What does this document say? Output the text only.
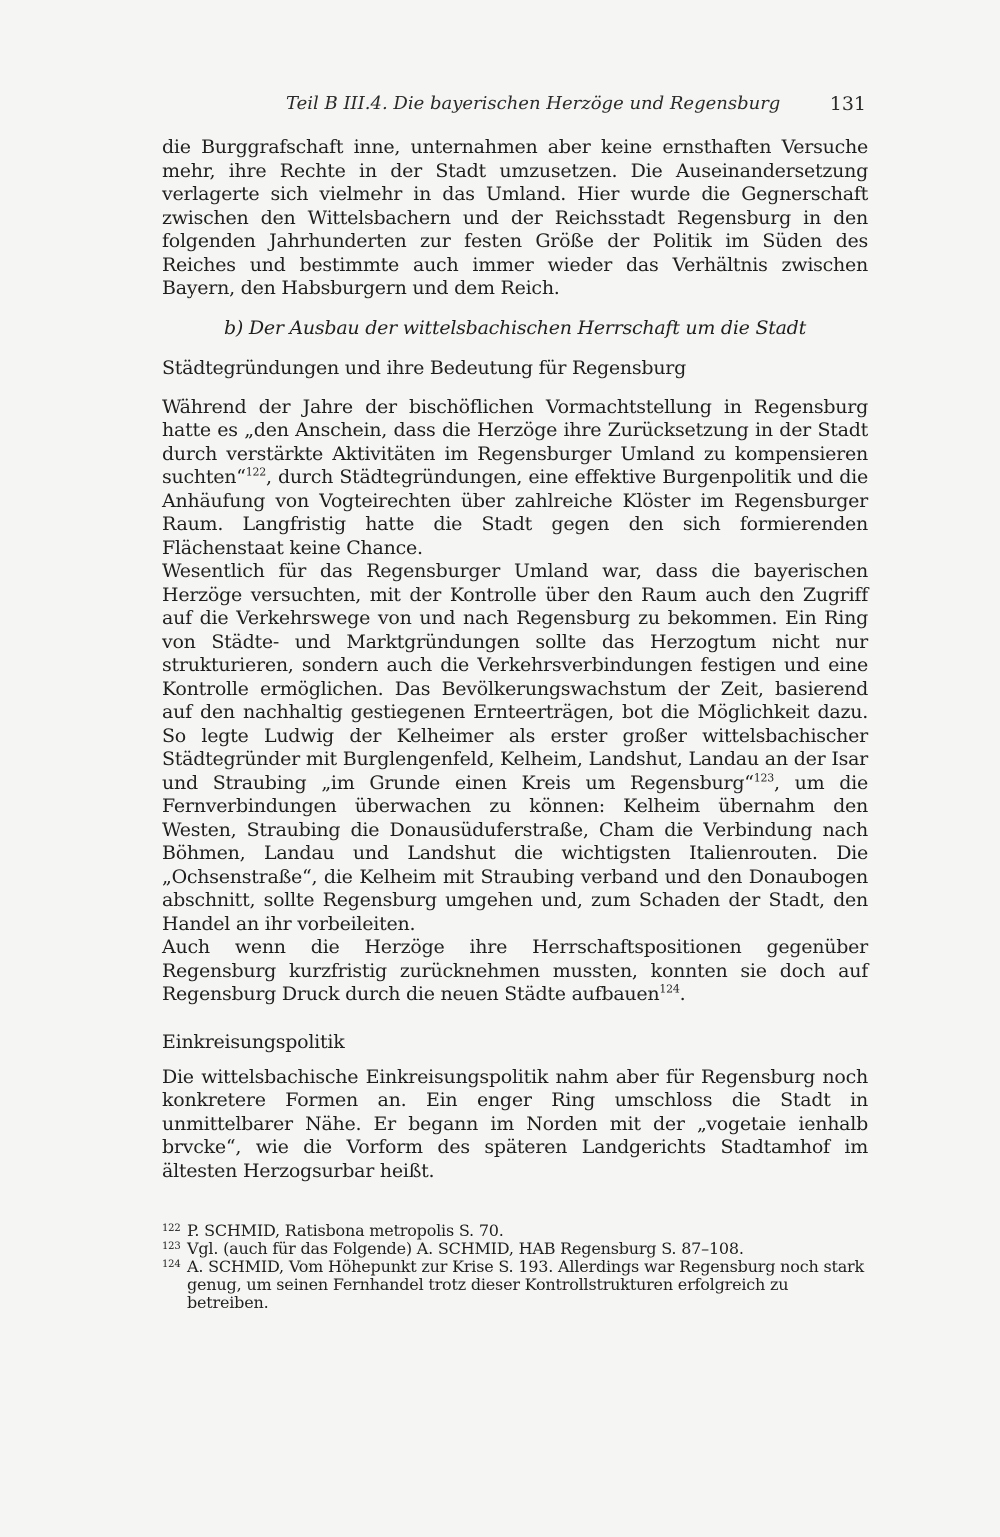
Teil B III.4. Die bayerischen Herzöge und Regensburg	131

die Burggrafschaft inne, unternahmen aber keine ernsthaften Versuche mehr, ihre Rechte in der Stadt umzusetzen. Die Auseinandersetzung verlagerte sich vielmehr in das Umland. Hier wurde die Gegnerschaft zwischen den Wittelsbachern und der Reichsstadt Regensburg in den folgenden Jahrhunderten zur festen Größe der Politik im Süden des Reiches und bestimmte auch immer wieder das Verhältnis zwischen Bayern, den Habsburgern und dem Reich.

b) Der Ausbau der wittelsbachischen Herrschaft um die Stadt

Städtegründungen und ihre Bedeutung für Regensburg

Während der Jahre der bischöflichen Vormachtstellung in Regensburg hatte es „den Anschein, dass die Herzöge ihre Zurücksetzung in der Stadt durch verstärkte Aktivitäten im Regensburger Umland zu kompensieren suchten“$^{122}$, durch Städtegründungen, eine effektive Burgenpolitik und die Anhäufung von Vogteirechten über zahlreiche Klöster im Regensburger Raum. Langfristig hatte die Stadt gegen den sich formierenden Flächenstaat keine Chance.

Wesentlich für das Regensburger Umland war, dass die bayerischen Herzöge versuchten, mit der Kontrolle über den Raum auch den Zugriff auf die Verkehrswege von und nach Regensburg zu bekommen. Ein Ring von Städte- und Marktgründungen sollte das Herzogtum nicht nur strukturieren, sondern auch die Verkehrsverbindungen festigen und eine Kontrolle ermöglichen. Das Bevölkerungswachstum der Zeit, basierend auf den nachhaltig gestiegenen Ernteerträgen, bot die Möglichkeit dazu. So legte Ludwig der Kelheimer als erster großer wittelsbachischer Städtegründer mit Burglengenfeld, Kelheim, Landshut, Landau an der Isar und Straubing „im Grunde einen Kreis um Regensburg“$^{123}$, um die Fernverbindungen überwachen zu können: Kelheim übernahm den Westen, Straubing die Donausüduferstraße, Cham die Verbindung nach Böhmen, Landau und Landshut die wichtigsten Italienrouten. Die „Ochsenstraße“, die Kelheim mit Straubing verband und den Donaubogen abschnitt, sollte Regensburg umgehen und, zum Schaden der Stadt, den Handel an ihr vorbeileiten.

Auch wenn die Herzöge ihre Herrschaftspositionen gegenüber Regensburg kurzfristig zurücknehmen mussten, konnten sie doch auf Regensburg Druck durch die neuen Städte aufbauen$^{124}$.

Einkreisungspolitik

Die wittelsbachische Einkreisungspolitik nahm aber für Regensburg noch konkretere Formen an. Ein enger Ring umschloss die Stadt in unmittelbarer Nähe. Er begann im Norden mit der „vogetaie ienhalb brvcke“, wie die Vorform des späteren Landgerichts Stadtamhof im ältesten Herzogsurbar heißt.

122 P. SCHMID, Ratisbona metropolis S. 70.
123 Vgl. (auch für das Folgende) A. SCHMID, HAB Regensburg S. 87–108.
124 A. SCHMID, Vom Höhepunkt zur Krise S. 193. Allerdings war Regensburg noch stark genug, um seinen Fernhandel trotz dieser Kontrollstrukturen erfolgreich zu betreiben.
